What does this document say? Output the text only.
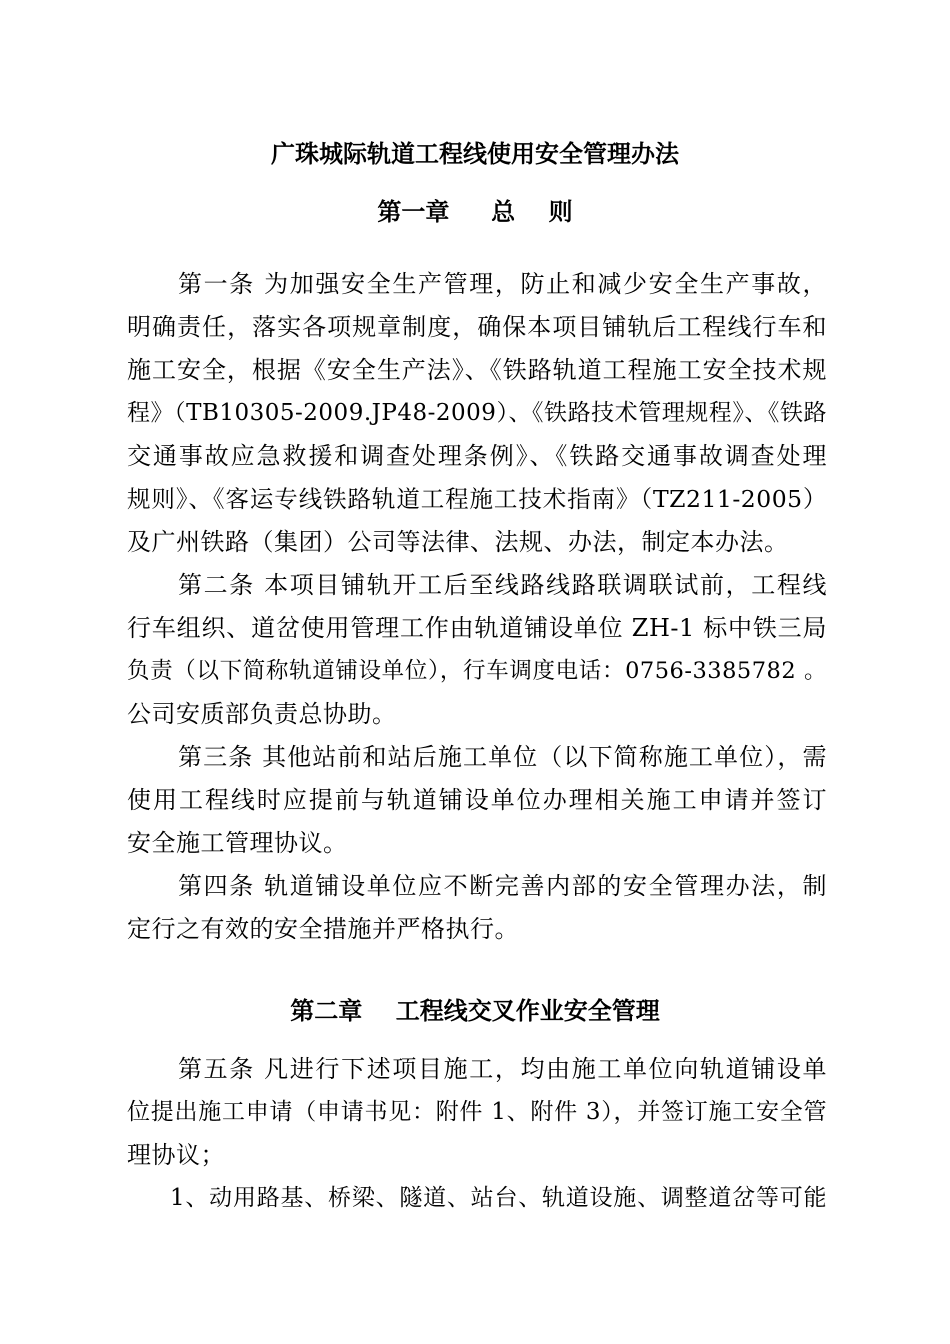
广珠城际轨道工程线使用安全管理办法
第一章     总    则
第一条 为加强安全生产管理，防止和减少安全生产事故，
明确责任，落实各项规章制度，确保本项目铺轨后工程线行车和
施工安全，根据《安全生产法》、《铁路轨道工程施工安全技术规
程》（TB10305-2009.JP48-2009）、《铁路技术管理规程》、《铁路
交通事故应急救援和调查处理条例》、《铁路交通事故调查处理
规则》、《客运专线铁路轨道工程施工技术指南》（TZ211-2005）
及广州铁路（集团）公司等法律、法规、办法，制定本办法。
第二条 本项目铺轨开工后至线路线路联调联试前，工程线
行车组织、道岔使用管理工作由轨道铺设单位 ZH-1 标中铁三局
负责（以下简称轨道铺设单位），行车调度电话：0756-3385782 。
公司安质部负责总协助。
第三条 其他站前和站后施工单位（以下简称施工单位），需
使用工程线时应提前与轨道铺设单位办理相关施工申请并签订
安全施工管理协议。
第四条 轨道铺设单位应不断完善内部的安全管理办法，制
定行之有效的安全措施并严格执行。
第二章    工程线交叉作业安全管理
第五条 凡进行下述项目施工，均由施工单位向轨道铺设单
位提出施工申请（申请书见：附件 1、附件 3），并签订施工安全管
理协议；
1、动用路基、桥梁、隧道、站台、轨道设施、调整道岔等可能
